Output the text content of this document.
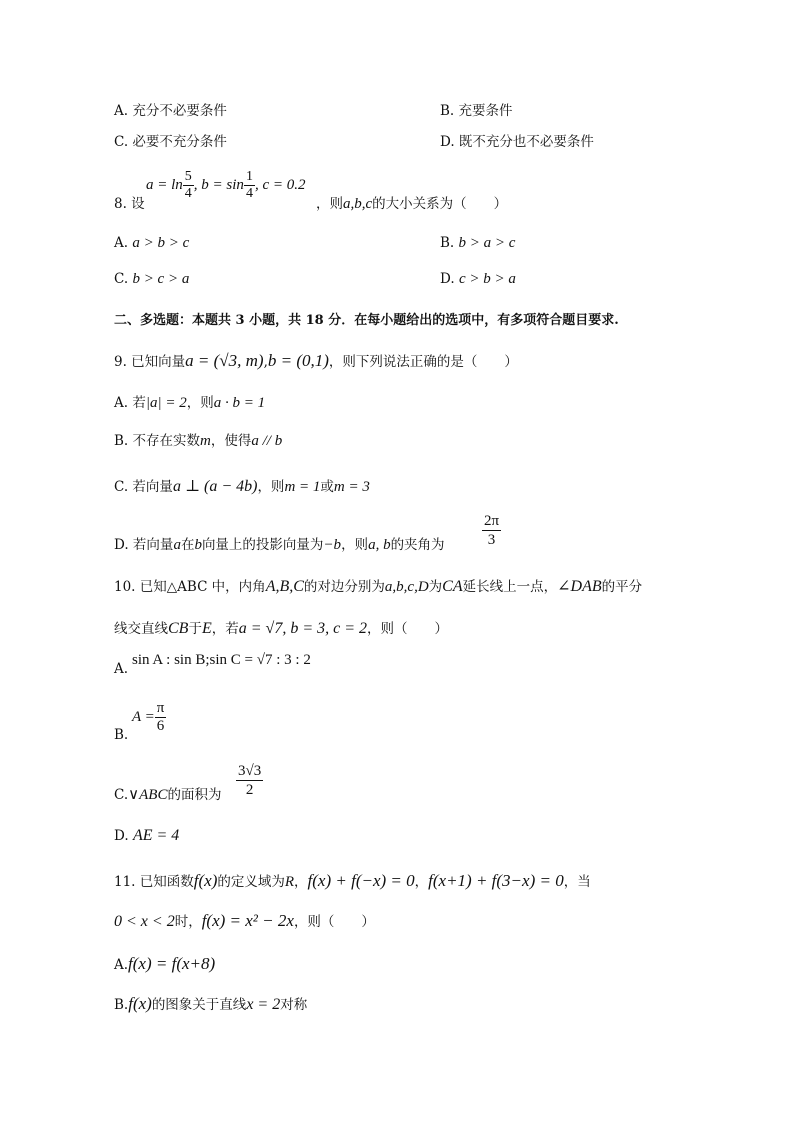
A. 充分不必要条件	B. 充要条件
C. 必要不充分条件	D. 既不充分也不必要条件
8. 设
$a = \ln \frac{5}{4}$ , $b = \sin \frac{1}{4}$ , c = 0.2
，则a,b,c的大小关系为（　　）
A. a > b > c	B. b > a > c
C. b > c > a	D. c > b > a
二、多选题：本题共 3 小题，共 18 分．在每小题给出的选项中，有多项符合题目要求.
9. 已知向量a = (√3, m),b = (0,1)，则下列说法正确的是（　　）
A. 若|a| = 2，则a · b = 1
B. 不存在实数m，使得a // b
C. 若向量a ⊥ (a − 4b)，则m = 1或m = 3
D. 若向量a在b向量上的投影向量为−b，则a, b的夹角为 $\frac{2\pi}{3}$
10. 已知△ABC 中，内角A,B,C的对边分别为a,b,c,D为CA延长线上一点，∠DAB的平分
线交直线CB于E，若a = √7, b = 3, c = 2，则（　　）
A.
sin A : sin B;sin C = √7 : 3 : 2
B.
$A = \frac{\pi}{6}$
C.∨ABC的面积为 $\frac{3√3}{2}$
D. AE = 4
11. 已知函数f(x)的定义域为R，f(x) + f(−x) = 0，f(x+1) + f(3−x) = 0，当
0 < x < 2时，f(x) = x² − 2x，则（　　）
A.f(x) = f(x+8)
B.f(x)的图象关于直线x = 2对称
